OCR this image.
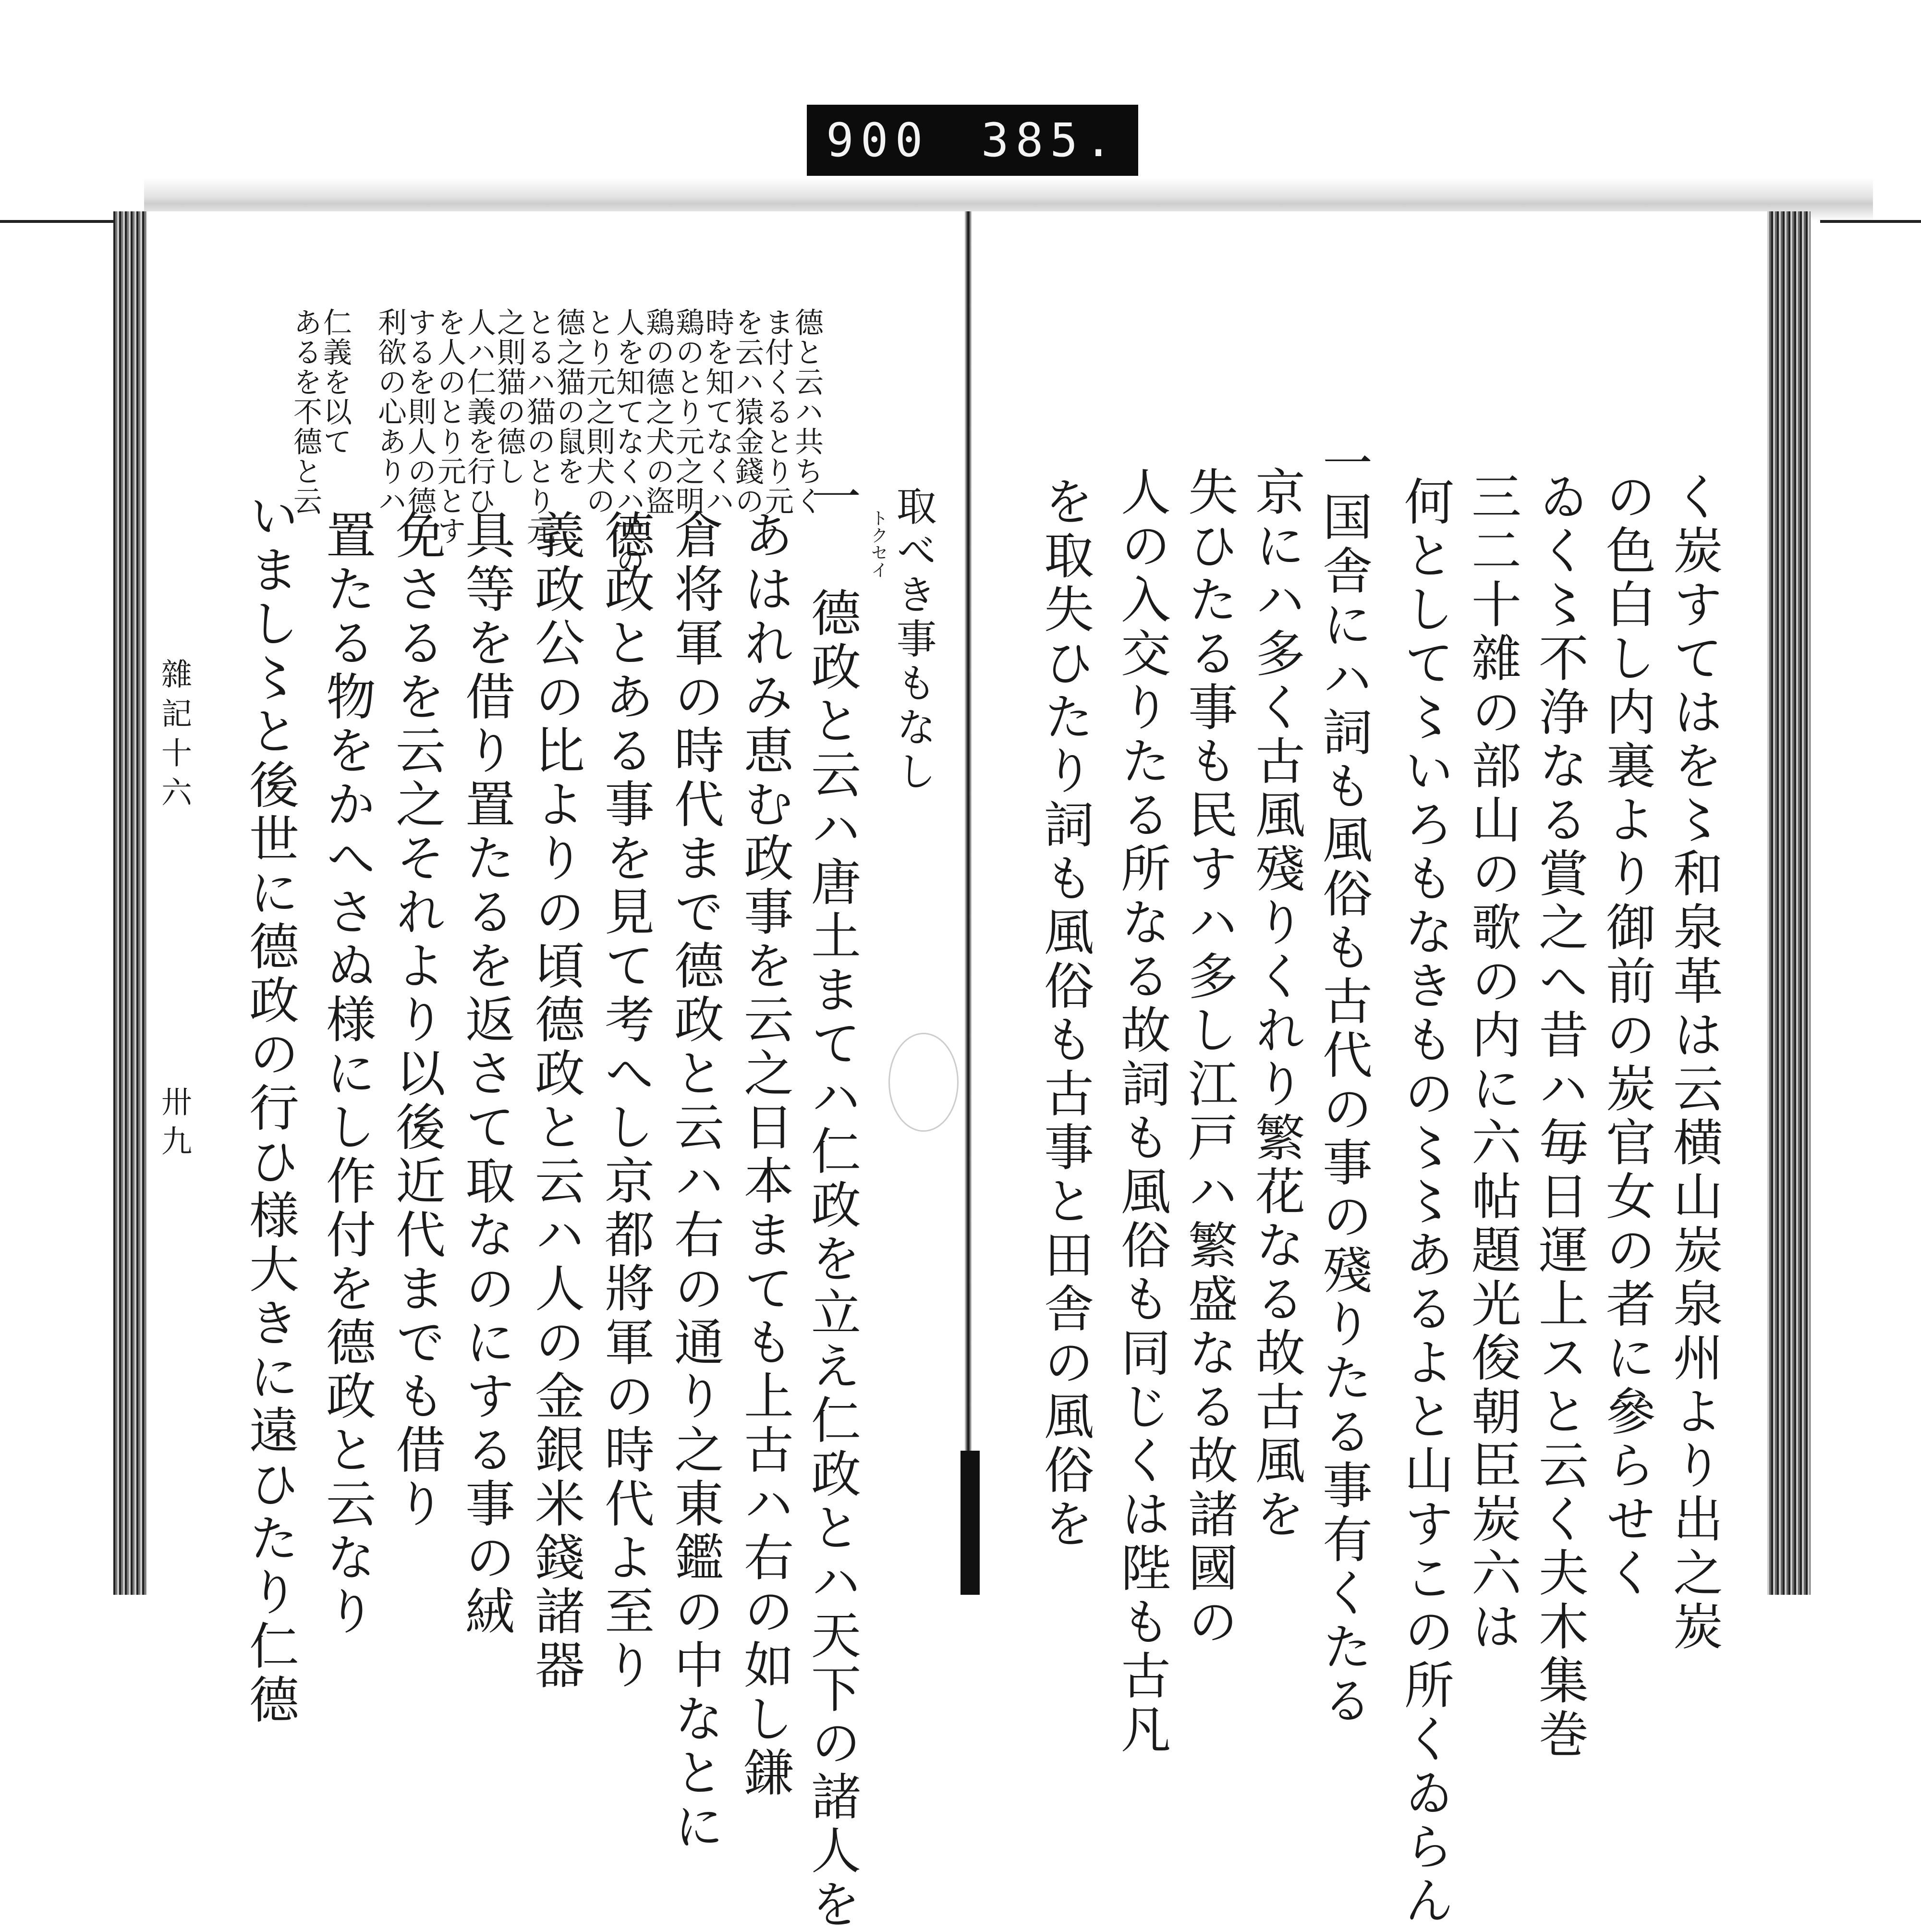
900 385.
く炭すてはを〻和泉革は云横山炭泉州より出之炭
の色白し内裏より御前の炭官女の者に參らせく
ゐく〻不浄なる賞之へ昔ハ毎日運上スと云く夫木集巻
三二十雜の部山の歌の内に六帖題光俊朝臣炭六は
何として〻いろもなきもの〻〻あるよと山すこの所くゐらん
一国舎にハ詞も風俗も古代の事の殘りたる事有くたる
京にハ多く古風殘りくれり繁花なる故古風を
失ひたる事も民すハ多し江戸ハ繁盛なる故諸國の
人の入交りたる所なる故詞も風俗も同じくは陛も古凡
を取失ひたり詞も風俗も古事と田舎の風俗を
德と云ハ共ちく
ま付くるとり元
を云ハ猿金錢の
時を知てなくハ
鶏のとり元之明
鶏の德之犬の盜
人を知てなくハ犬の
とり元之則犬の
德之猫の鼠を
とるハ猫のとり元
之則猫の德し
人ハ仁義を行ひ
を人のとり元とす
するを則人の德
利欲の心ありハ
仁義を以て
あるを不德と云
取べき事もなし
トクセイ
一 德政と云ハ唐土まてハ仁政を立え仁政とハ天下の諸人を
あはれみ恵む政事を云之日本まても上古ハ右の如し鎌
倉将軍の時代まで德政と云ハ右の通り之東鑑の中なとに
德政とある事を見て考へし京都將軍の時代よ至り
義政公の比よりの頃德政と云ハ人の金銀米錢諸器
具等を借り置たるを返さて取なのにする事の絨
免さるを云之それより以後近代までも借り
置たる物をかへさぬ様にし作付を德政と云なり
いまし〻と後世に德政の行ひ様大きに遠ひたり仁德
雜記十六
卅九
